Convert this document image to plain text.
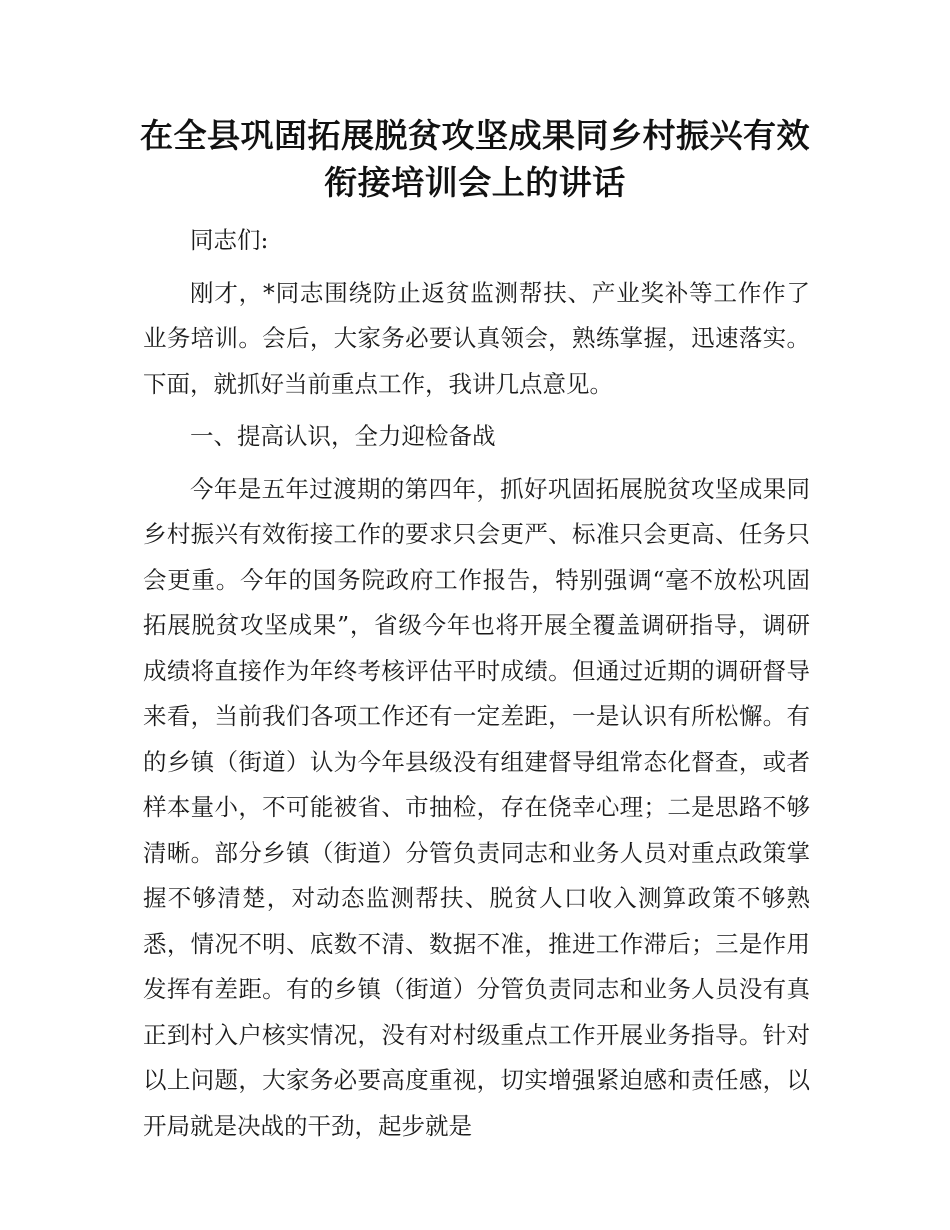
在全县巩固拓展脱贫攻坚成果同乡村振兴有效
衔接培训会上的讲话

同志们:

刚才，*同志围绕防止返贫监测帮扶、产业奖补等工作作了业务培训。会后，大家务必要认真领会，熟练掌握，迅速落实。下面，就抓好当前重点工作，我讲几点意见。

一、提高认识，全力迎检备战

今年是五年过渡期的第四年，抓好巩固拓展脱贫攻坚成果同乡村振兴有效衔接工作的要求只会更严、标准只会更高、任务只会更重。今年的国务院政府工作报告，特别强调“毫不放松巩固拓展脱贫攻坚成果”，省级今年也将开展全覆盖调研指导，调研成绩将直接作为年终考核评估平时成绩。但通过近期的调研督导来看，当前我们各项工作还有一定差距，一是认识有所松懈。有的乡镇（街道）认为今年县级没有组建督导组常态化督查，或者样本量小，不可能被省、市抽检，存在侥幸心理；二是思路不够清晰。部分乡镇（街道）分管负责同志和业务人员对重点政策掌握不够清楚，对动态监测帮扶、脱贫人口收入测算政策不够熟悉，情况不明、底数不清、数据不准，推进工作滞后；三是作用发挥有差距。有的乡镇（街道）分管负责同志和业务人员没有真正到村入户核实情况，没有对村级重点工作开展业务指导。针对以上问题，大家务必要高度重视，切实增强紧迫感和责任感，以开局就是决战的干劲，起步就是
